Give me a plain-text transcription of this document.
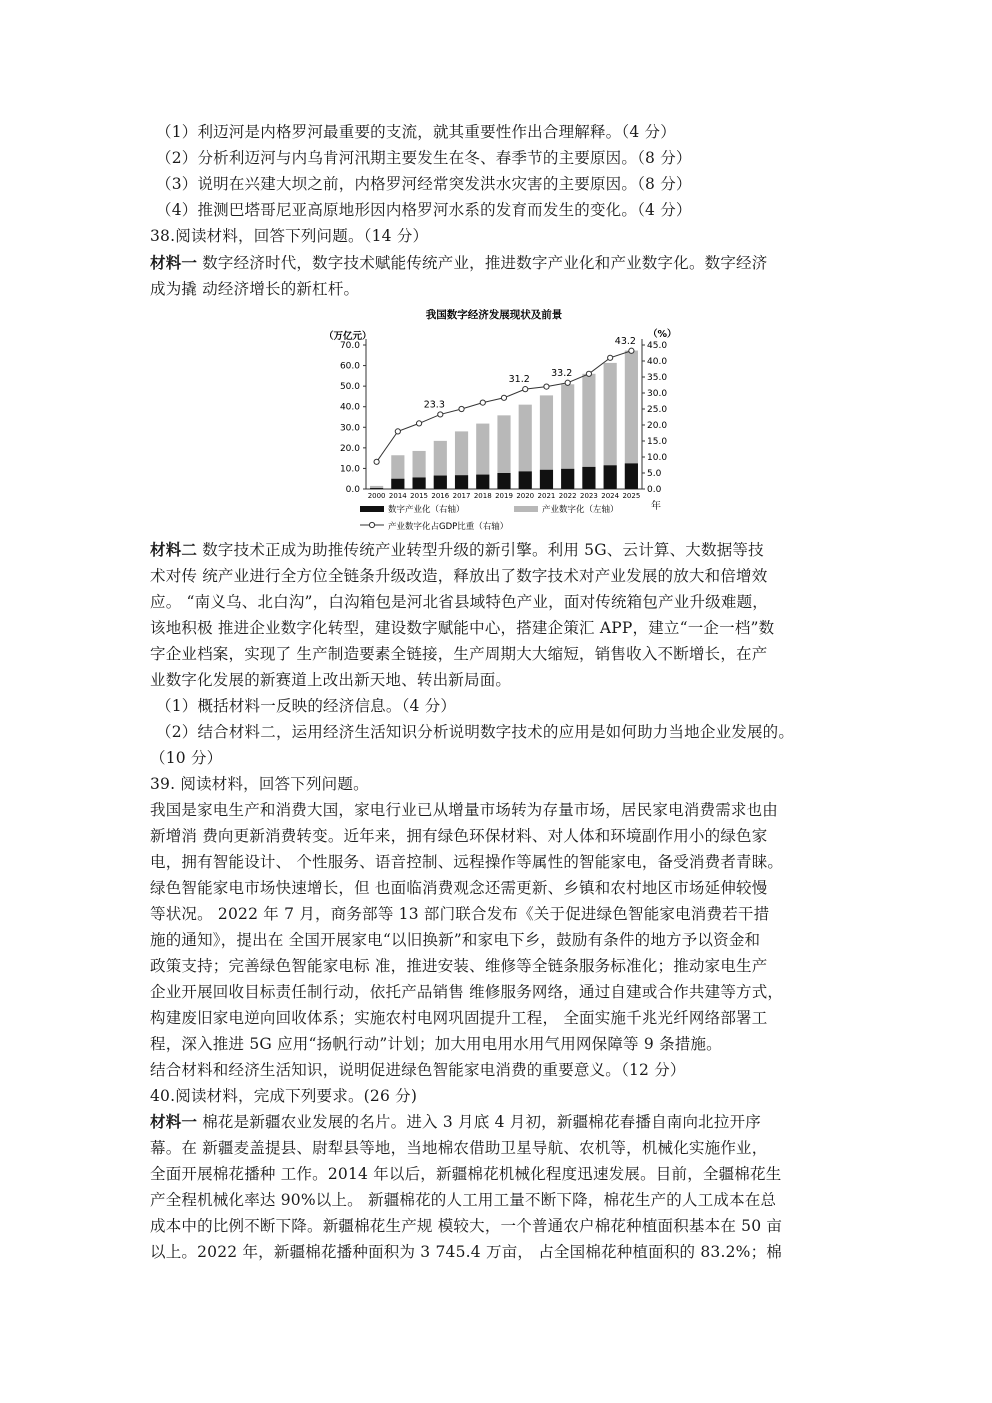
（1）利迈河是内格罗河最重要的支流，就其重要性作出合理解释。（4 分）
（2）分析利迈河与内乌肯河汛期主要发生在冬、春季节的主要原因。（8 分）
（3）说明在兴建大坝之前，内格罗河经常突发洪水灾害的主要原因。（8 分）
（4）推测巴塔哥尼亚高原地形因内格罗河水系的发育而发生的变化。（4 分）
38.阅读材料，回答下列问题。（14 分）
材料一 数字经济时代，数字技术赋能传统产业，推进数字产业化和产业数字化。数字经济
成为撬 动经济增长的新杠杆。
我国数字经济发展现状及前景
（万亿元）	（%）
0.0
10.0
20.0
30.0
40.0
50.0
60.0
70.0
0.0
5.0
10.0
15.0
20.0
25.0
30.0
35.0
40.0
45.0
2000 2014 2015 2016 2017 2018 2019 2020 2021 2022 2023 2024 2025
23.3
31.2
33.2
43.2
年
数字产业化（右轴）	产业数字化（左轴）
产业数字化占GDP比重（右轴）
材料二 数字技术正成为助推传统产业转型升级的新引擎。利用 5G、云计算、大数据等技
术对传 统产业进行全方位全链条升级改造，释放出了数字技术对产业发展的放大和倍增效
应。 “南义乌、北白沟”，白沟箱包是河北省县域特色产业，面对传统箱包产业升级难题，
该地积极 推进企业数字化转型，建设数字赋能中心，搭建企策汇 APP，建立“一企一档”数
字企业档案，实现了 生产制造要素全链接，生产周期大大缩短，销售收入不断增长，在产
业数字化发展的新赛道上改出新天地、转出新局面。
（1）概括材料一反映的经济信息。（4 分）
（2）结合材料二，运用经济生活知识分析说明数字技术的应用是如何助力当地企业发展的。
（10 分）
39. 阅读材料，回答下列问题。
我国是家电生产和消费大国，家电行业已从增量市场转为存量市场，居民家电消费需求也由
新增消 费向更新消费转变。近年来，拥有绿色环保材料、对人体和环境副作用小的绿色家
电，拥有智能设计、 个性服务、语音控制、远程操作等属性的智能家电，备受消费者青睐。
绿色智能家电市场快速增长，但 也面临消费观念还需更新、乡镇和农村地区市场延伸较慢
等状况。 2022 年 7 月，商务部等 13 部门联合发布《关于促进绿色智能家电消费若干措
施的通知》，提出在 全国开展家电“以旧换新”和家电下乡，鼓励有条件的地方予以资金和
政策支持；完善绿色智能家电标 准，推进安装、维修等全链条服务标准化；推动家电生产
企业开展回收目标责任制行动，依托产品销售 维修服务网络，通过自建或合作共建等方式，
构建废旧家电逆向回收体系；实施农村电网巩固提升工程， 全面实施千兆光纤网络部署工
程，深入推进 5G 应用“扬帆行动”计划；加大用电用水用气用网保障等 9 条措施。
结合材料和经济生活知识，说明促进绿色智能家电消费的重要意义。（12 分）
40.阅读材料，完成下列要求。(26 分)
材料一 棉花是新疆农业发展的名片。进入 3 月底 4 月初，新疆棉花春播自南向北拉开序
幕。在 新疆麦盖提县、尉犁县等地，当地棉农借助卫星导航、农机等，机械化实施作业，
全面开展棉花播种 工作。2014 年以后，新疆棉花机械化程度迅速发展。目前，全疆棉花生
产全程机械化率达 90%以上。 新疆棉花的人工用工量不断下降，棉花生产的人工成本在总
成本中的比例不断下降。新疆棉花生产规 模较大，一个普通农户棉花种植面积基本在 50 亩
以上。2022 年，新疆棉花播种面积为 3 745.4 万亩， 占全国棉花种植面积的 83.2%；棉
